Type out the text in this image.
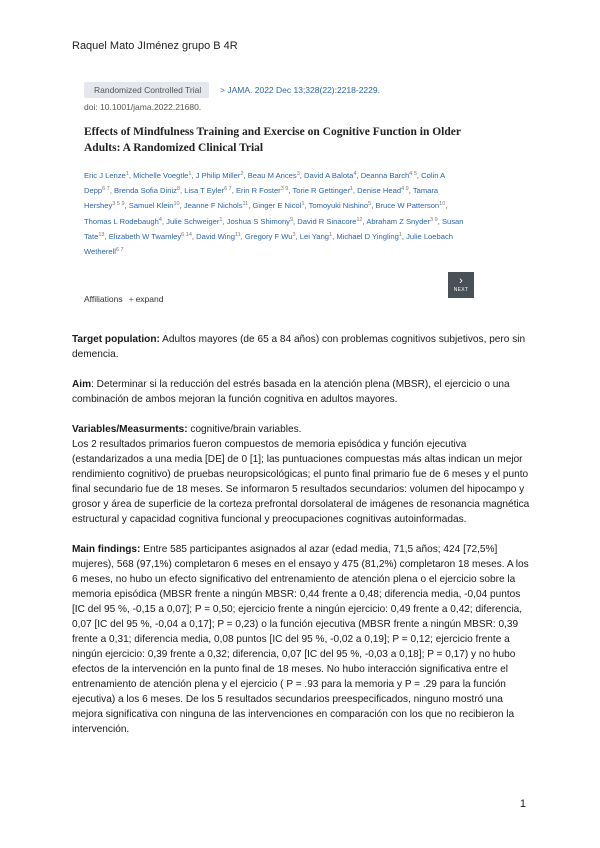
Raquel Mato JIménez grupo B 4R
Randomized Controlled Trial	> JAMA. 2022 Dec 13;328(22):2218-2229.
doi: 10.1001/jama.2022.21680.
Effects of Mindfulness Training and Exercise on Cognitive Function in Older Adults: A Randomized Clinical Trial
Eric J Lenze$^1$, Michelle Voegtle$^1$, J Philip Miller$^2$, Beau M Ances$^3$, David A Balota$^4$, Deanna Barch$^{4 5}$, Colin A Depp$^{6 7}$, Brenda Sofia Diniz$^8$, Lisa T Eyler$^{6 7}$, Erin R Foster$^{3 9}$, Torie R Gettinger$^1$, Denise Head$^{4 9}$, Tamara Hershey$^{3 5 9}$, Samuel Klein$^{10}$, Jeanne F Nichols$^{11}$, Ginger E Nicol$^1$, Tomoyuki Nishino$^5$, Bruce W Patterson$^{10}$, Thomas L Rodebaugh$^4$, Julie Schweiger$^1$, Joshua S Shimony$^9$, David R Sinacore$^{12}$, Abraham Z Snyder$^{3 9}$, Susan Tate$^{13}$, Elizabeth W Twamley$^{6 14}$, David Wing$^{11}$, Gregory F Wu$^3$, Lei Yang$^1$, Michael D Yingling$^1$, Julie Loebach Wetherell$^{6 7}$
Affiliations + expand
›
NEXT

Target population: Adultos mayores (de 65 a 84 años) con problemas cognitivos subjetivos, pero sin demencia.

Aim: Determinar si la reducción del estrés basada en la atención plena (MBSR), el ejercicio o una combinación de ambos mejoran la función cognitiva en adultos mayores.

Variables/Measurments: cognitive/brain variables.
Los 2 resultados primarios fueron compuestos de memoria episódica y función ejecutiva (estandarizados a una media [DE] de 0 [1]; las puntuaciones compuestas más altas indican un mejor rendimiento cognitivo) de pruebas neuropsicológicas; el punto final primario fue de 6 meses y el punto final secundario fue de 18 meses. Se informaron 5 resultados secundarios: volumen del hipocampo y grosor y área de superficie de la corteza prefrontal dorsolateral de imágenes de resonancia magnética estructural y capacidad cognitiva funcional y preocupaciones cognitivas autoinformadas.

Main findings: Entre 585 participantes asignados al azar (edad media, 71,5 años; 424 [72,5%] mujeres), 568 (97,1%) completaron 6 meses en el ensayo y 475 (81,2%) completaron 18 meses. A los 6 meses, no hubo un efecto significativo del entrenamiento de atención plena o el ejercicio sobre la memoria episódica (MBSR frente a ningún MBSR: 0,44 frente a 0,48; diferencia media, -0,04 puntos [IC del 95 %, -0,15 a 0,07]; P = 0,50; ejercicio frente a ningún ejercicio: 0,49 frente a 0,42; diferencia, 0,07 [IC del 95 %, -0,04 a 0,17]; P = 0,23) o la función ejecutiva (MBSR frente a ningún MBSR: 0,39 frente a 0,31; diferencia media, 0,08 puntos [IC del 95 %, -0,02 a 0,19]; P = 0,12; ejercicio frente a ningún ejercicio: 0,39 frente a 0,32; diferencia, 0,07 [IC del 95 %, -0,03 a 0,18]; P = 0,17) y no hubo efectos de la intervención en la punto final de 18 meses. No hubo interacción significativa entre el entrenamiento de atención plena y el ejercicio ( P = .93 para la memoria y P = .29 para la función ejecutiva) a los 6 meses. De los 5 resultados secundarios preespecificados, ninguno mostró una mejora significativa con ninguna de las intervenciones en comparación con los que no recibieron la intervención.

1
